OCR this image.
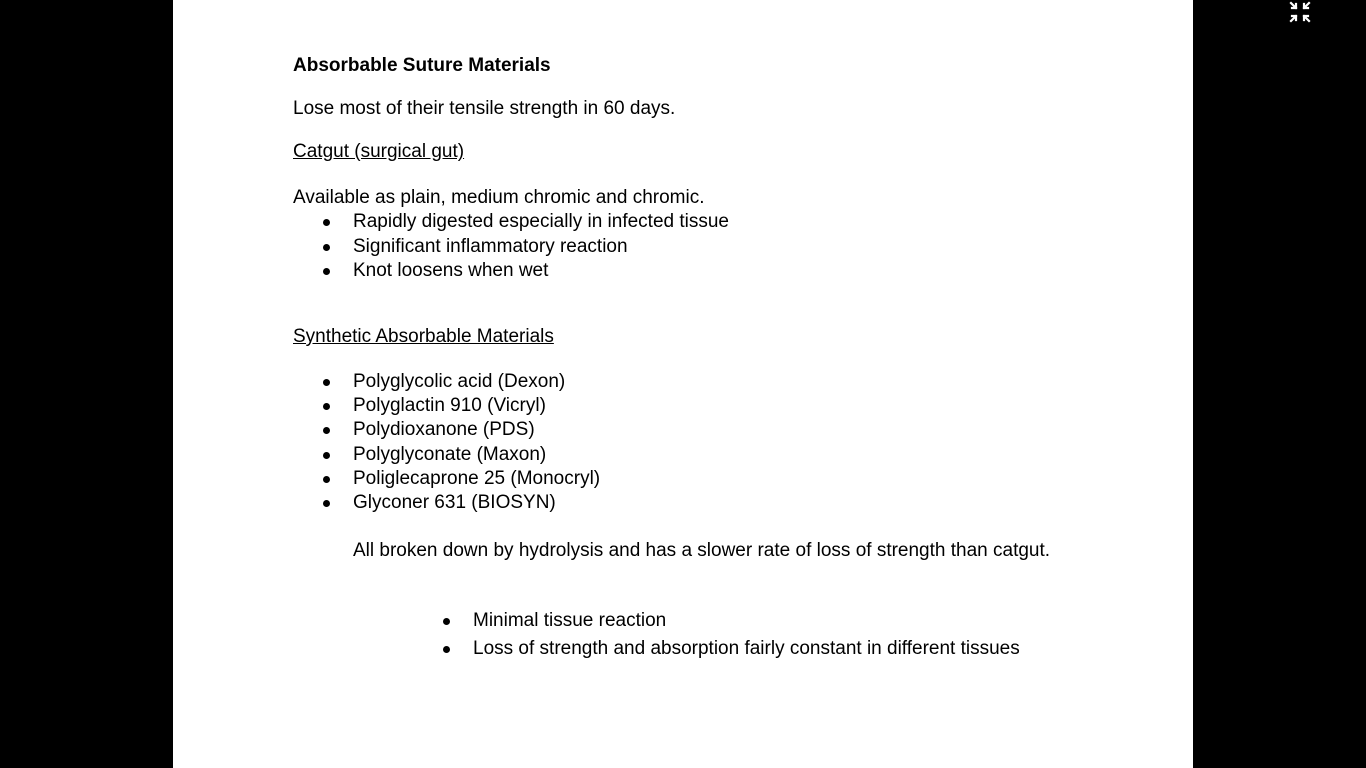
Absorbable Suture Materials
Lose most of their tensile strength in 60 days.
Catgut (surgical gut)
Available as plain, medium chromic and chromic.
Rapidly digested especially in infected tissue
Significant inflammatory reaction
Knot loosens when wet
Synthetic Absorbable Materials
Polyglycolic acid (Dexon)
Polyglactin 910 (Vicryl)
Polydioxanone (PDS)
Polyglyconate (Maxon)
Poliglecaprone 25 (Monocryl)
Glyconer 631 (BIOSYN)
All broken down by hydrolysis and has a slower rate of loss of strength than catgut.
Minimal tissue reaction
Loss of strength and absorption fairly constant in different tissues
